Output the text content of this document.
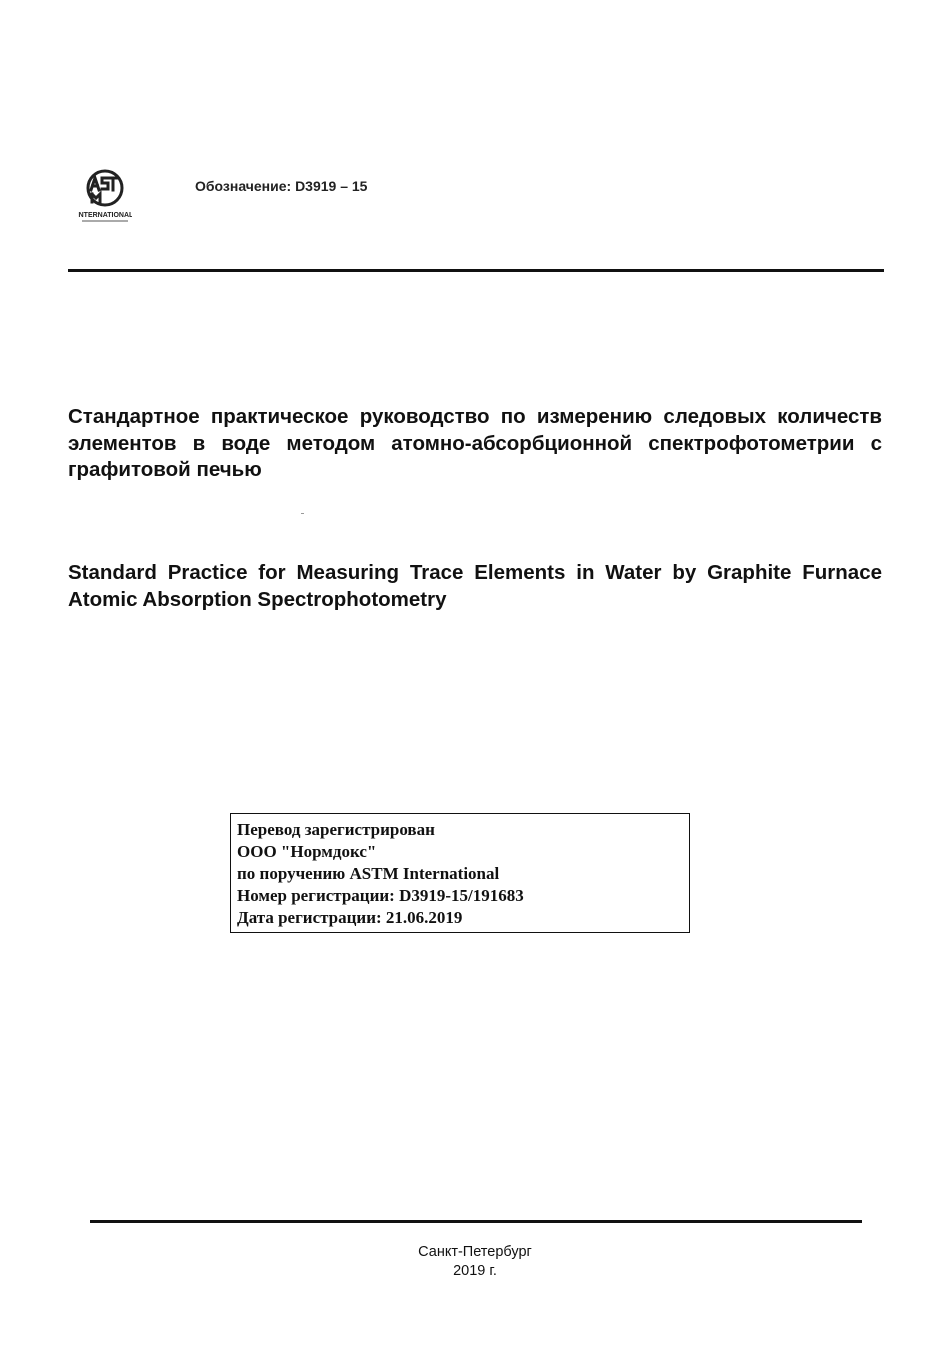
INTERNATIONAL
Обозначение: D3919 – 15
Стандартное практическое руководство по измерению следовых количеств элементов в воде методом атомно-абсорбционной спектрофотометрии с графитовой печью
Standard Practice for Measuring Trace Elements in Water by Graphite Furnace Atomic Absorption Spectrophotometry
Перевод зарегистрирован
ООО "Нормдокс"
по поручению ASTM International
Номер регистрации: D3919-15/191683
Дата регистрации: 21.06.2019
Санкт-Петербург
2019 г.
